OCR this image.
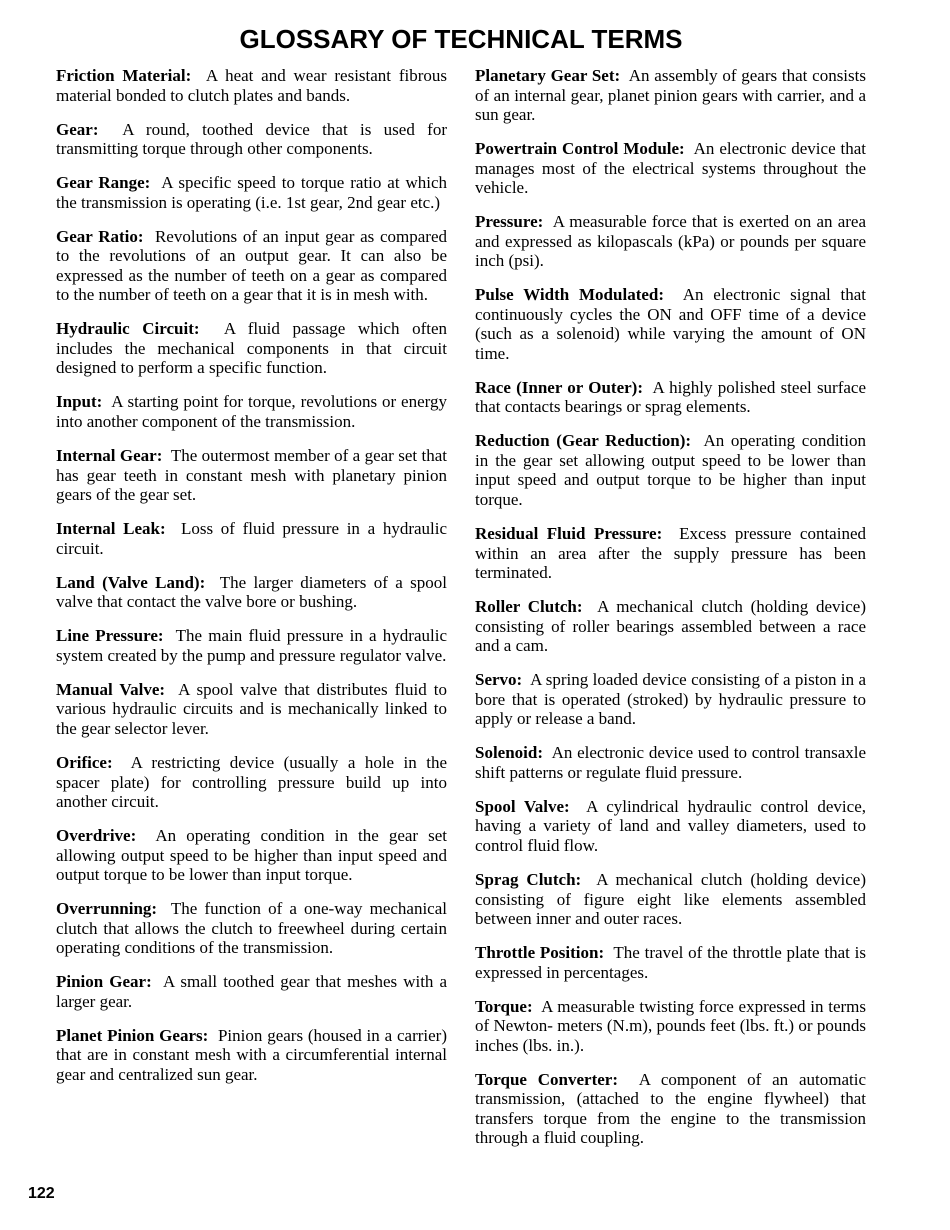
GLOSSARY OF TECHNICAL TERMS

Friction Material: A heat and wear resistant fibrous material bonded to clutch plates and bands.

Gear: A round, toothed device that is used for transmitting torque through other components.

Gear Range: A specific speed to torque ratio at which the transmission is operating (i.e. 1st gear, 2nd gear etc.)

Gear Ratio: Revolutions of an input gear as compared to the revolutions of an output gear. It can also be expressed as the number of teeth on a gear as compared to the number of teeth on a gear that it is in mesh with.

Hydraulic Circuit: A fluid passage which often includes the mechanical components in that circuit designed to perform a specific function.

Input: A starting point for torque, revolutions or energy into another component of the transmission.

Internal Gear: The outermost member of a gear set that has gear teeth in constant mesh with planetary pinion gears of the gear set.

Internal Leak: Loss of fluid pressure in a hydraulic circuit.

Land (Valve Land): The larger diameters of a spool valve that contact the valve bore or bushing.

Line Pressure: The main fluid pressure in a hydraulic system created by the pump and pressure regulator valve.

Manual Valve: A spool valve that distributes fluid to various hydraulic circuits and is mechanically linked to the gear selector lever.

Orifice: A restricting device (usually a hole in the spacer plate) for controlling pressure build up into another circuit.

Overdrive: An operating condition in the gear set allowing output speed to be higher than input speed and output torque to be lower than input torque.

Overrunning: The function of a one-way mechanical clutch that allows the clutch to freewheel during certain operating conditions of the transmission.

Pinion Gear: A small toothed gear that meshes with a larger gear.

Planet Pinion Gears: Pinion gears (housed in a carrier) that are in constant mesh with a circumferential internal gear and centralized sun gear.

Planetary Gear Set: An assembly of gears that consists of an internal gear, planet pinion gears with carrier, and a sun gear.

Powertrain Control Module: An electronic device that manages most of the electrical systems throughout the vehicle.

Pressure: A measurable force that is exerted on an area and expressed as kilopascals (kPa) or pounds per square inch (psi).

Pulse Width Modulated: An electronic signal that continuously cycles the ON and OFF time of a device (such as a solenoid) while varying the amount of ON time.

Race (Inner or Outer): A highly polished steel surface that contacts bearings or sprag elements.

Reduction (Gear Reduction): An operating condition in the gear set allowing output speed to be lower than input speed and output torque to be higher than input torque.

Residual Fluid Pressure: Excess pressure contained within an area after the supply pressure has been terminated.

Roller Clutch: A mechanical clutch (holding device) consisting of roller bearings assembled between a race and a cam.

Servo: A spring loaded device consisting of a piston in a bore that is operated (stroked) by hydraulic pressure to apply or release a band.

Solenoid: An electronic device used to control transaxle shift patterns or regulate fluid pressure.

Spool Valve: A cylindrical hydraulic control device, having a variety of land and valley diameters, used to control fluid flow.

Sprag Clutch: A mechanical clutch (holding device) consisting of figure eight like elements assembled between inner and outer races.

Throttle Position: The travel of the throttle plate that is expressed in percentages.

Torque: A measurable twisting force expressed in terms of Newton- meters (N.m), pounds feet (lbs. ft.) or pounds inches (lbs. in.).

Torque Converter: A component of an automatic transmission, (attached to the engine flywheel) that transfers torque from the engine to the transmission through a fluid coupling.

122
